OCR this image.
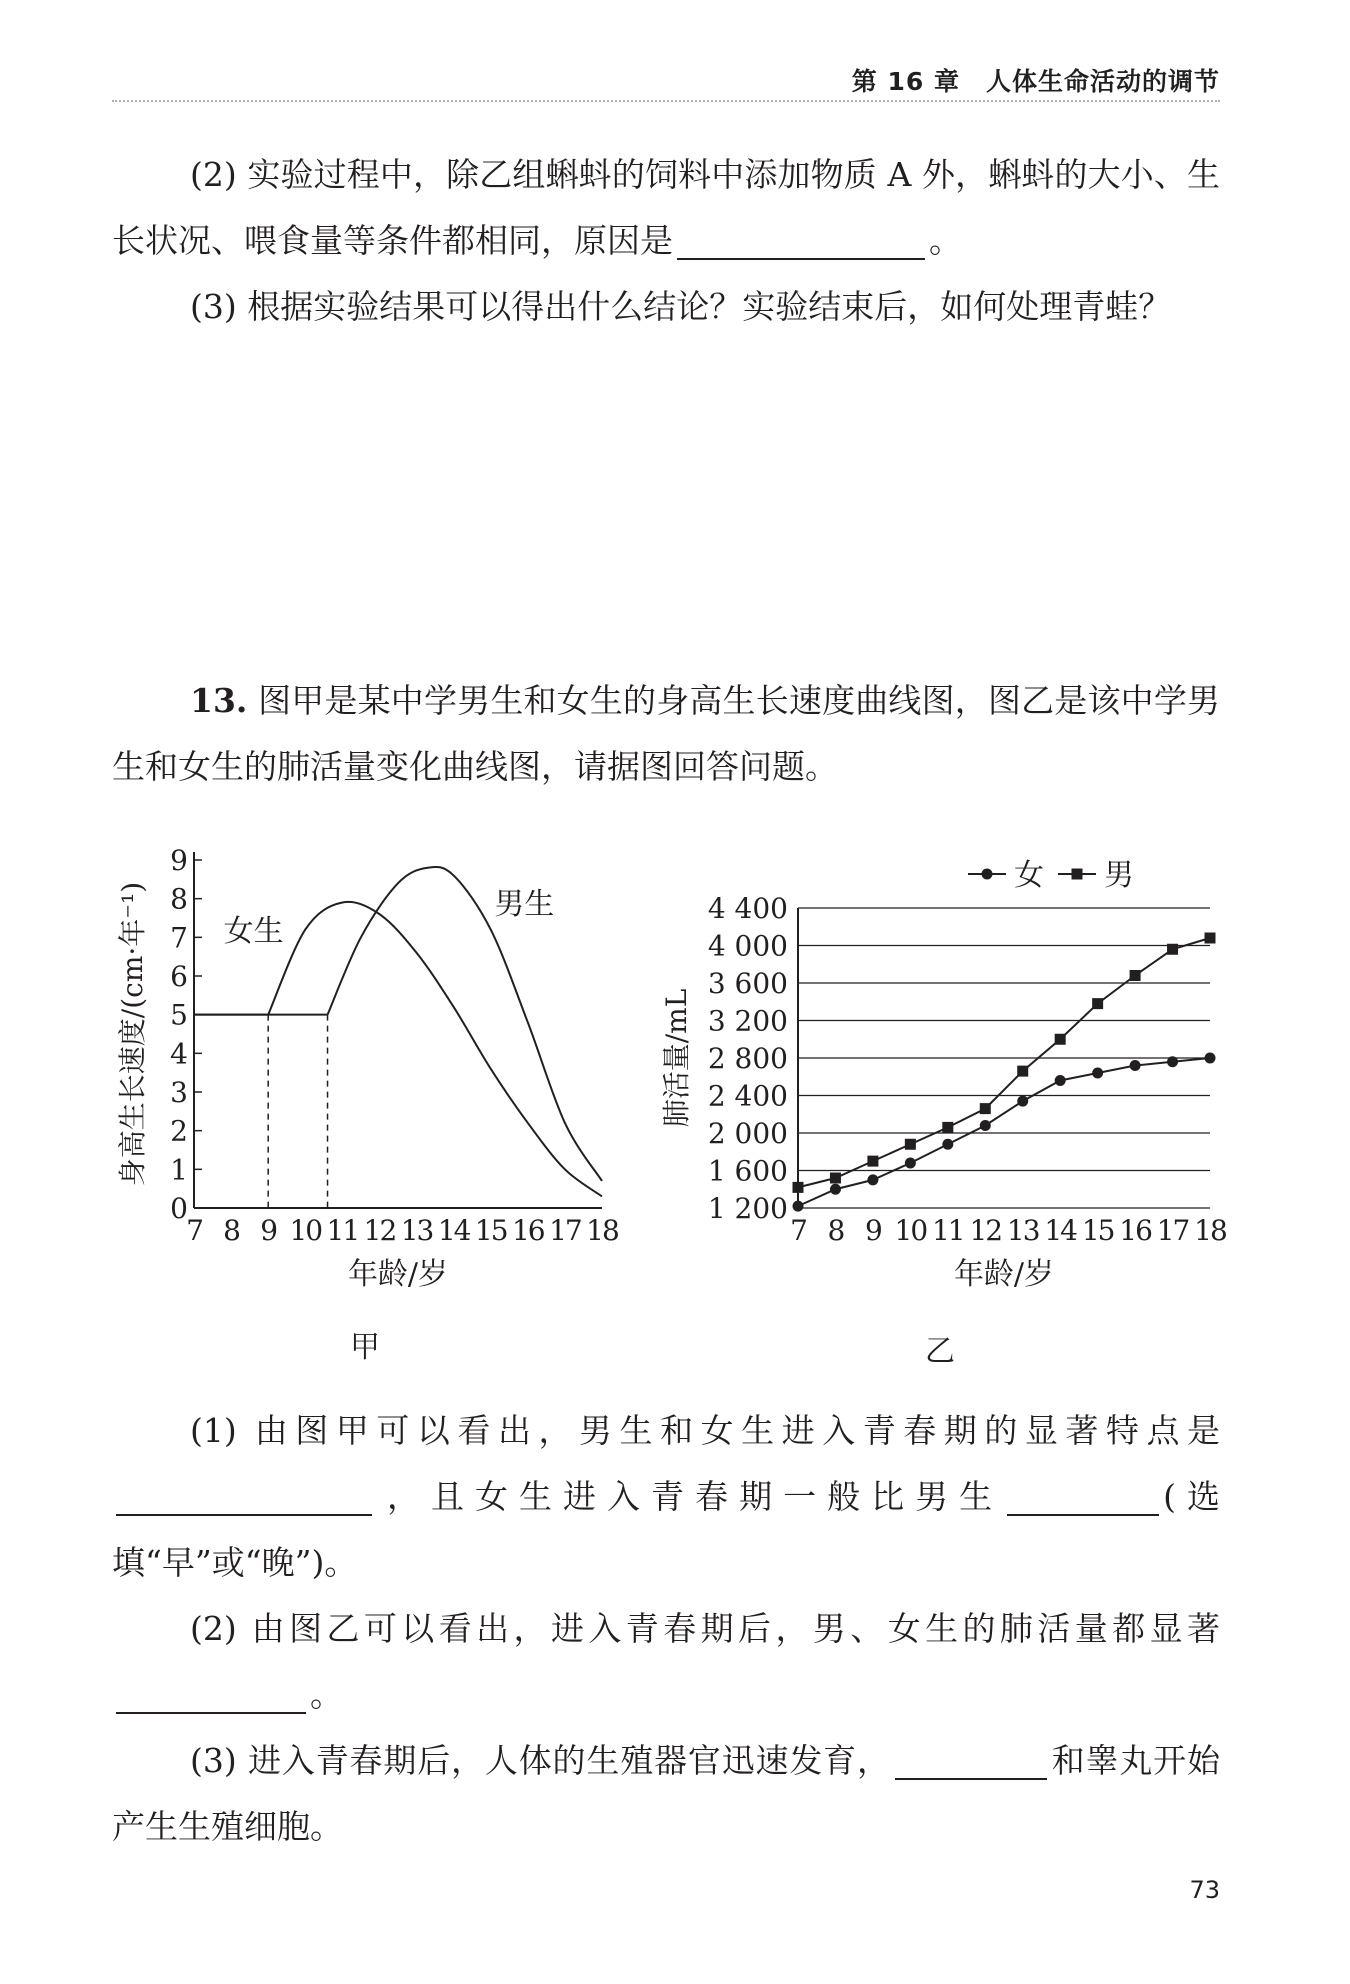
第 16 章　人体生命活动的调节

(2) 实验过程中，除乙组蝌蚪的饲料中添加物质 A 外，蝌蚪的大小、生长状况、喂食量等条件都相同，原因是	。

(3) 根据实验结果可以得出什么结论？实验结束后，如何处理青蛙？

13. 图甲是某中学男生和女生的身高生长速度曲线图，图乙是该中学男生和女生的肺活量变化曲线图，请据图回答问题。

0
1
2
3
4
5
6
7
8
9
7 8 9 10 11 12 13 14 15 16 17 18
女生
男生
年龄/岁
身高生长速度/(cm·年⁻¹)
1 200
1 600
2 000
2 400
2 800
3 200
3 600
4 000
4 400
7 8 9 10 11 12 13 14 15 16 17 18
女 男
年龄/岁
肺活量/mL
甲	乙

(1) 由图甲可以看出，男生和女生进入青春期的显著特点是，且女生进入青春期一般比男生	(选填“早”或“晚”)。

(2) 由图乙可以看出，进入青春期后，男、女生的肺活量都显著。

(3) 进入青春期后，人体的生殖器官迅速发育，	和睾丸开始产生生殖细胞。

73
